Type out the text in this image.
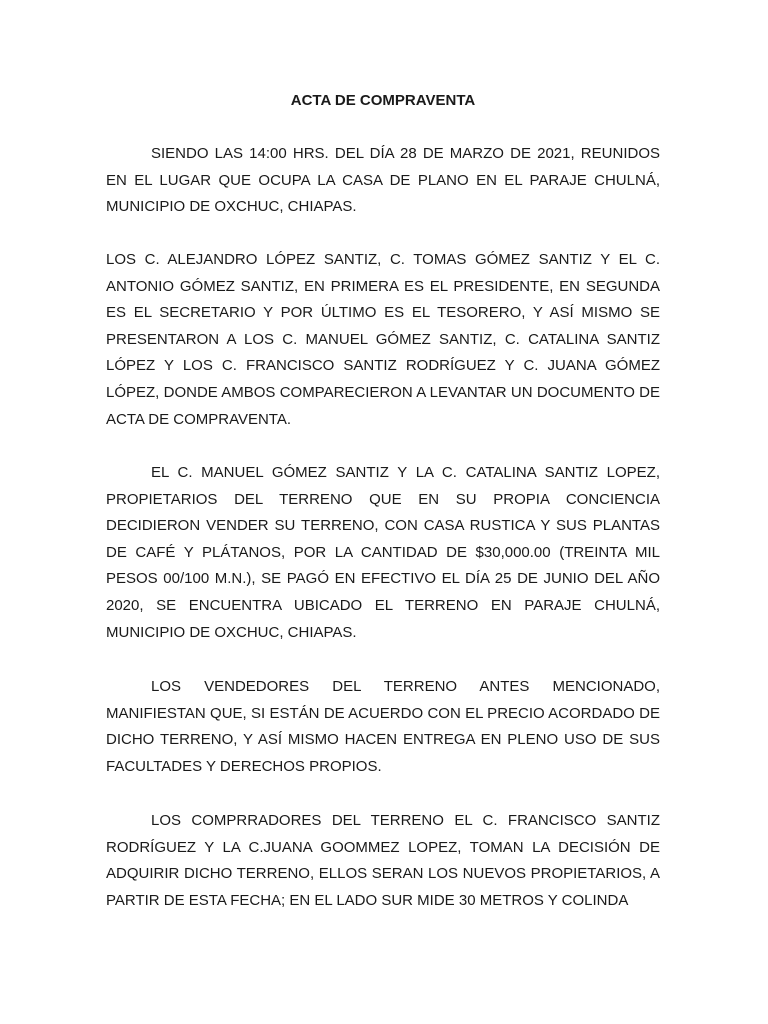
ACTA DE COMPRAVENTA

SIENDO LAS 14:00 HRS. DEL DÍA 28 DE MARZO DE 2021, REUNIDOS EN EL LUGAR QUE OCUPA LA CASA DE PLANO EN EL PARAJE CHULNÁ, MUNICIPIO DE OXCHUC, CHIAPAS.

LOS C. ALEJANDRO LÓPEZ SANTIZ, C. TOMAS GÓMEZ SANTIZ Y EL C. ANTONIO GÓMEZ SANTIZ, EN PRIMERA ES EL PRESIDENTE, EN SEGUNDA ES EL SECRETARIO Y POR ÚLTIMO ES EL TESORERO, Y ASÍ MISMO SE PRESENTARON A LOS C. MANUEL GÓMEZ SANTIZ, C. CATALINA SANTIZ LÓPEZ Y LOS C. FRANCISCO SANTIZ RODRÍGUEZ Y C. JUANA GÓMEZ LÓPEZ, DONDE AMBOS COMPARECIERON A LEVANTAR UN DOCUMENTO DE ACTA DE COMPRAVENTA.

EL C. MANUEL GÓMEZ SANTIZ Y LA C. CATALINA SANTIZ LOPEZ, PROPIETARIOS DEL TERRENO QUE EN SU PROPIA CONCIENCIA DECIDIERON VENDER SU TERRENO, CON CASA RUSTICA Y SUS PLANTAS DE CAFÉ Y PLÁTANOS, POR LA CANTIDAD DE $30,000.00 (TREINTA MIL PESOS 00/100 M.N.), SE PAGÓ EN EFECTIVO EL DÍA 25 DE JUNIO DEL AÑO 2020, SE ENCUENTRA UBICADO EL TERRENO EN PARAJE CHULNÁ, MUNICIPIO DE OXCHUC, CHIAPAS.

LOS VENDEDORES DEL TERRENO ANTES MENCIONADO, MANIFIESTAN QUE, SI ESTÁN DE ACUERDO CON EL PRECIO ACORDADO DE DICHO TERRENO, Y ASÍ MISMO HACEN ENTREGA EN PLENO USO DE SUS FACULTADES Y DERECHOS PROPIOS.

LOS COMPRRADORES DEL TERRENO EL C. FRANCISCO SANTIZ RODRÍGUEZ Y LA C.JUANA GOOMMEZ LOPEZ, TOMAN LA DECISIÓN DE ADQUIRIR DICHO TERRENO, ELLOS SERAN LOS NUEVOS PROPIETARIOS, A PARTIR DE ESTA FECHA; EN EL LADO SUR MIDE 30 METROS Y COLINDA
